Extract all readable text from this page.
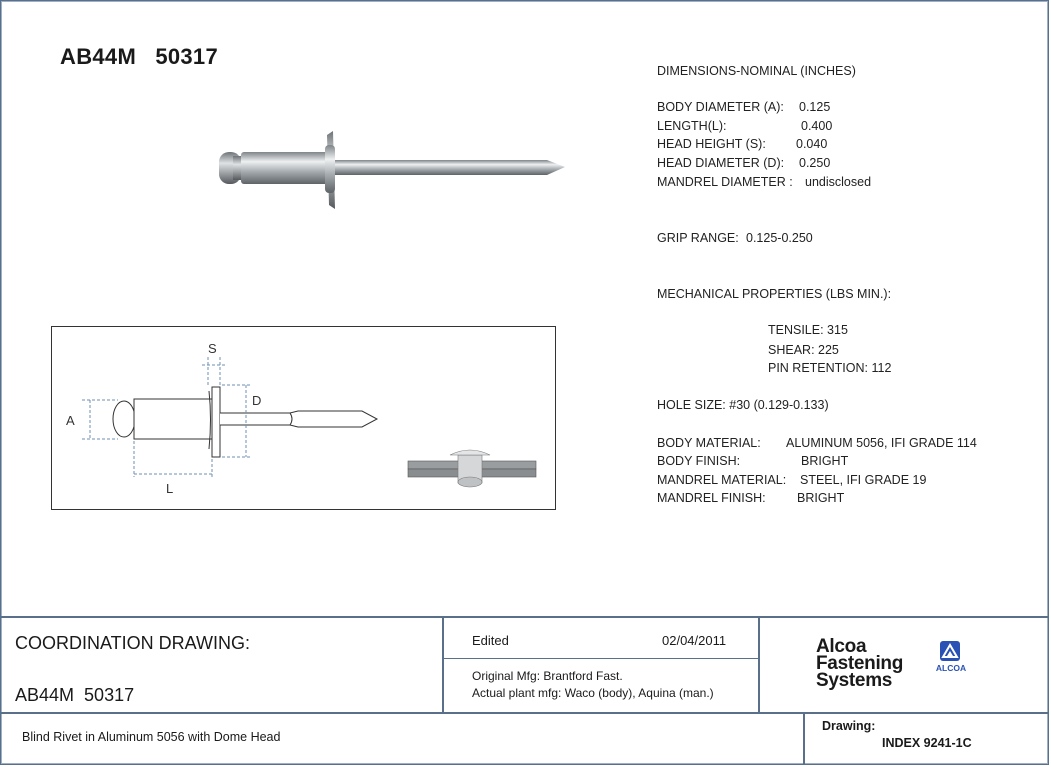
AB44M 50317
S
D
A
L
DIMENSIONS-NOMINAL (INCHES)
BODY DIAMETER (A): 0.125
LENGTH(L):	0.400
HEAD HEIGHT (S): 0.040
HEAD DIAMETER (D): 0.250
MANDREL DIAMETER : undisclosed
GRIP RANGE: 0.125-0.250
MECHANICAL PROPERTIES (LBS MIN.):
TENSILE: 315
SHEAR: 225
PIN RETENTION: 112
HOLE SIZE: #30 (0.129-0.133)
BODY MATERIAL: ALUMINUM 5056, IFI GRADE 114
BODY FINISH:	BRIGHT
MANDREL MATERIAL: STEEL, IFI GRADE 19
MANDREL FINISH:	BRIGHT
COORDINATION DRAWING:
AB44M 50317
Blind Rivet in Aluminum 5056 with Dome Head
Edited	02/04/2011
Original Mfg: Brantford Fast.
Actual plant mfg: Waco (body), Aquina (man.)
Alcoa
Fastening
Systems
ALCOA
Drawing:
INDEX 9241-1C
